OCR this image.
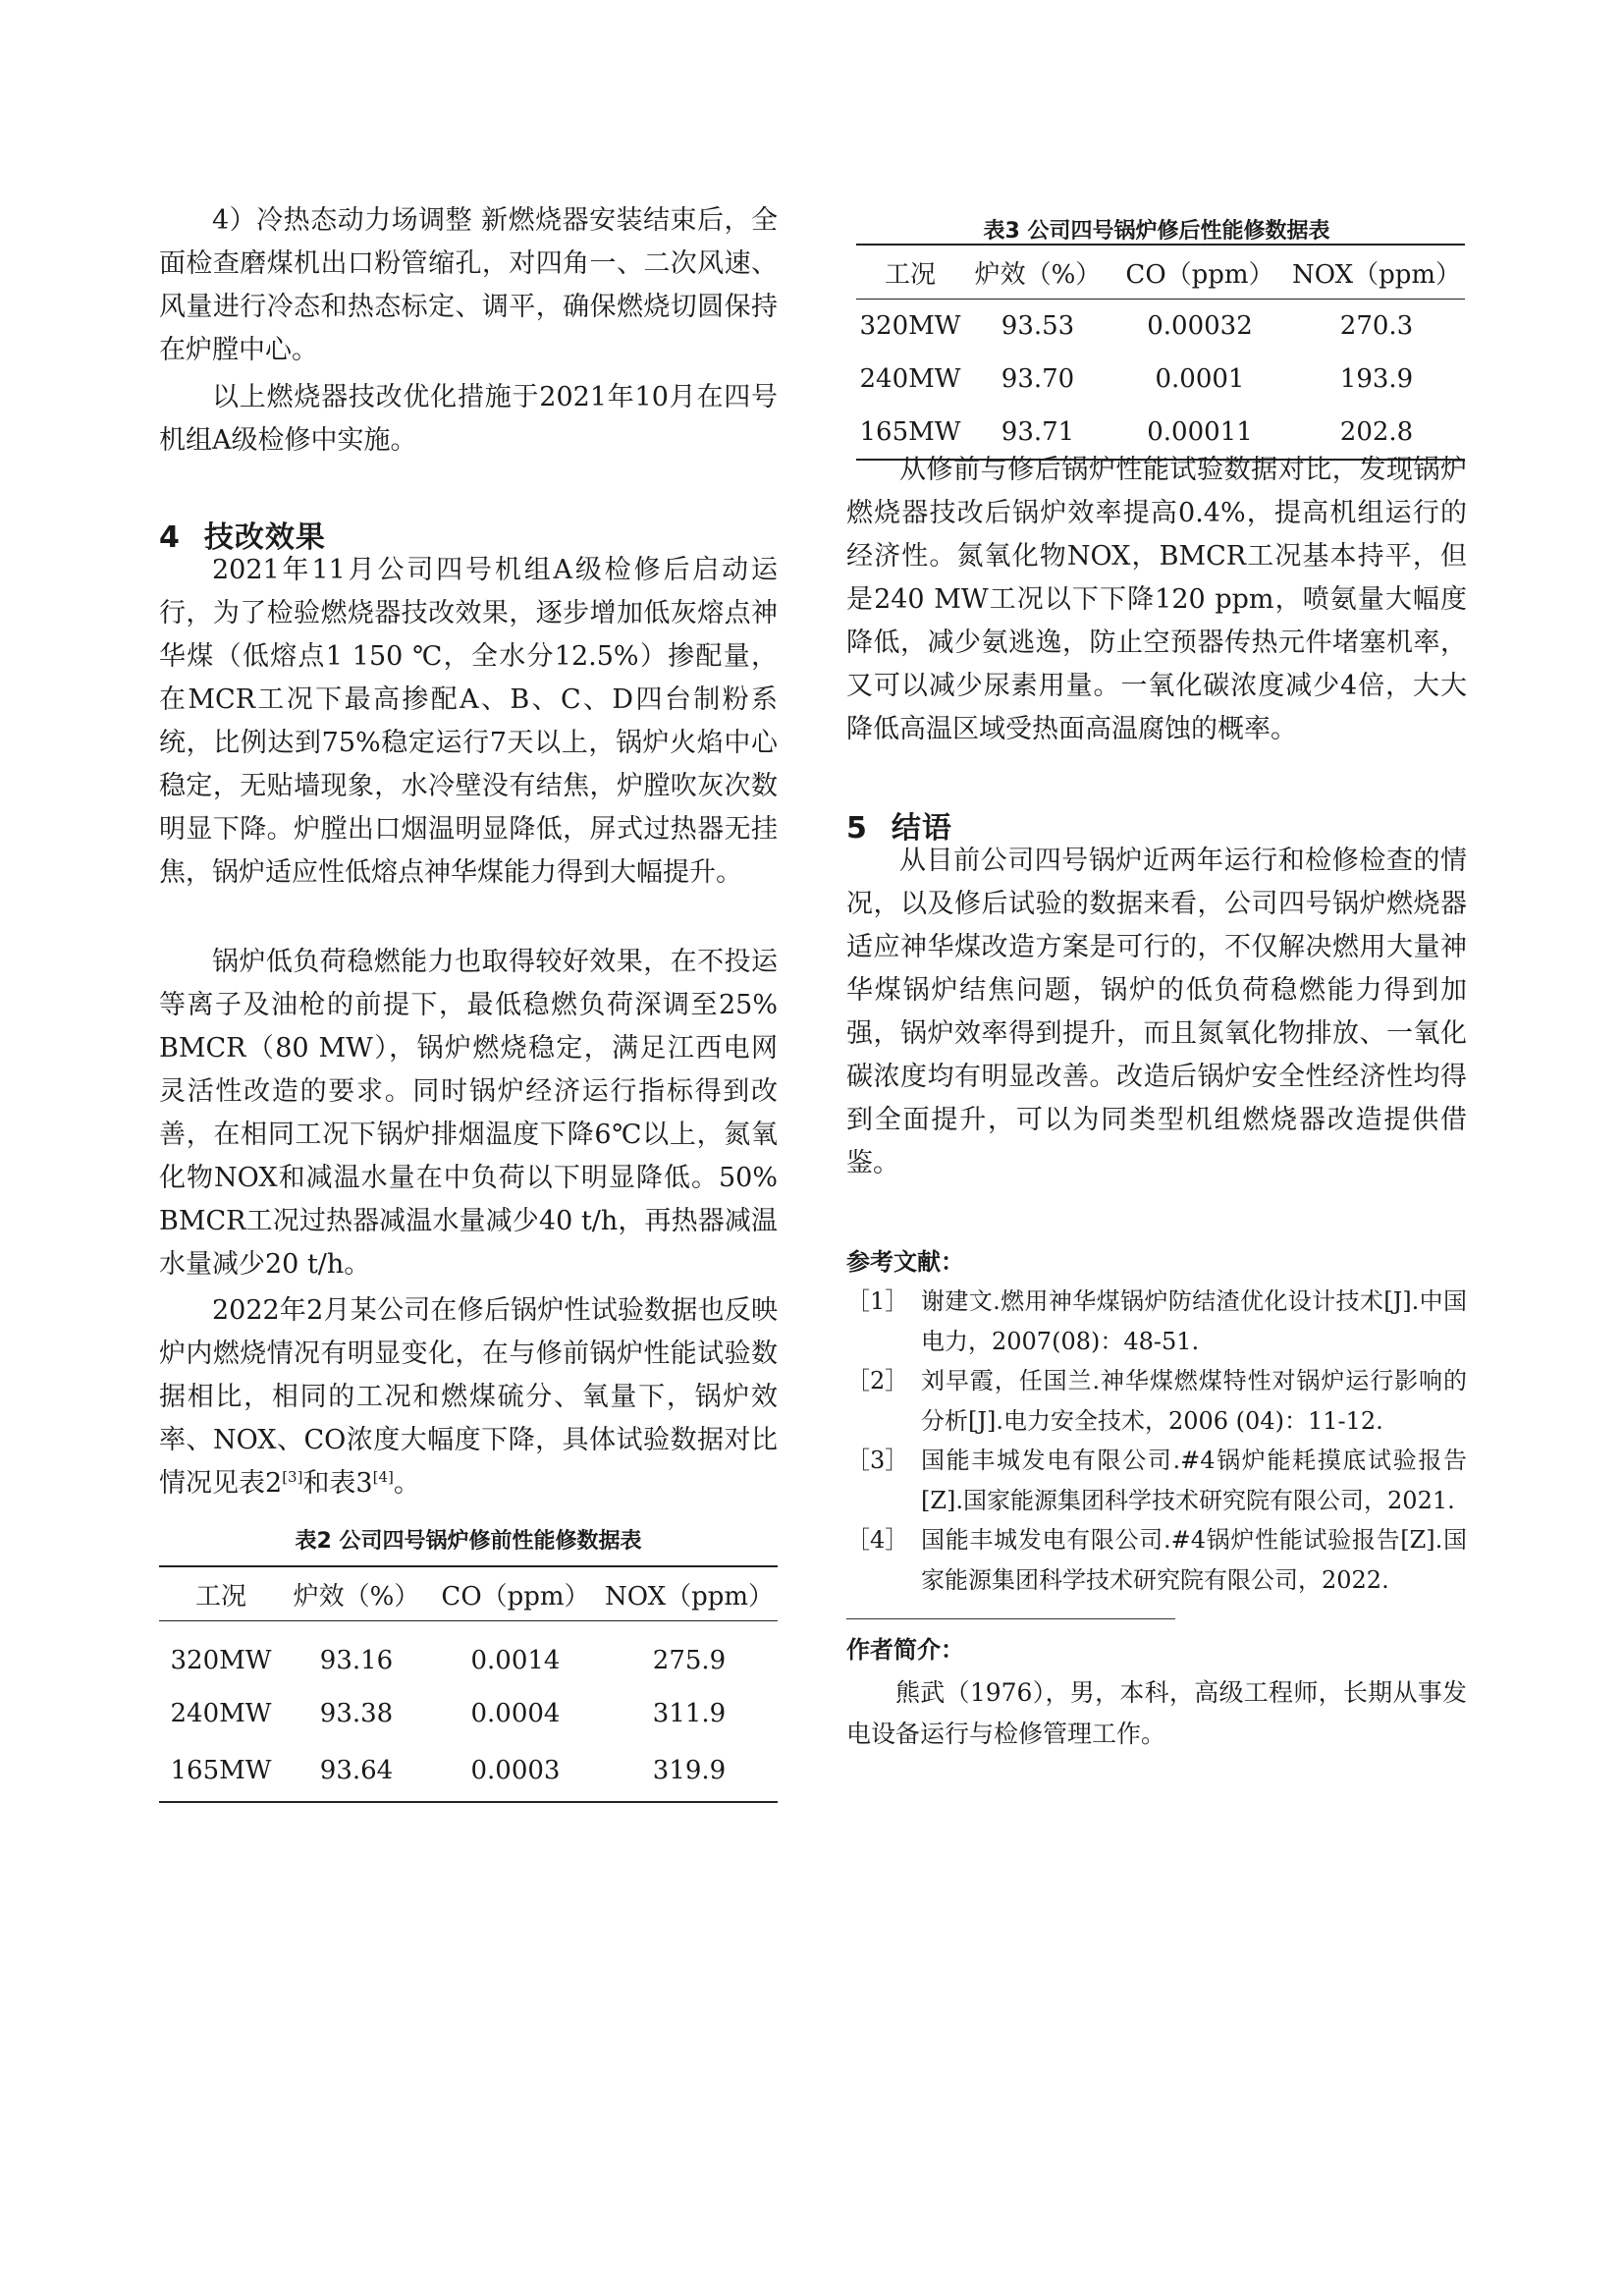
4）冷热态动力场调整 新燃烧器安装结束后，全面检查磨煤机出口粉管缩孔，对四角一、二次风速、风量进行冷态和热态标定、调平，确保燃烧切圆保持在炉膛中心。

以上燃烧器技改优化措施于2021年10月在四号机组A级检修中实施。

4 技改效果

2021年11月公司四号机组A级检修后启动运行，为了检验燃烧器技改效果，逐步增加低灰熔点神华煤（低熔点1 150 ℃，全水分12.5%）掺配量，在MCR工况下最高掺配A、B、C、D四台制粉系统，比例达到75%稳定运行7天以上，锅炉火焰中心稳定，无贴墙现象，水冷壁没有结焦，炉膛吹灰次数明显下降。炉膛出口烟温明显降低，屏式过热器无挂焦，锅炉适应性低熔点神华煤能力得到大幅提升。

锅炉低负荷稳燃能力也取得较好效果，在不投运等离子及油枪的前提下，最低稳燃负荷深调至25% BMCR（80 MW），锅炉燃烧稳定，满足江西电网灵活性改造的要求。同时锅炉经济运行指标得到改善，在相同工况下锅炉排烟温度下降6℃以上，氮氧化物NOX和减温水量在中负荷以下明显降低。50% BMCR工况过热器减温水量减少40 t/h，再热器减温水量减少20 t/h。

2022年2月某公司在修后锅炉性试验数据也反映炉内燃烧情况有明显变化，在与修前锅炉性能试验数据相比，相同的工况和燃煤硫分、氧量下，锅炉效率、NOX、CO浓度大幅度下降，具体试验数据对比情况见表2[3]和表3[4]。

表2 公司四号锅炉修前性能修数据表
工况	炉效（%）	CO（ppm）	NOX（ppm）
320MW	93.16	0.0014	275.9
240MW	93.38	0.0004	311.9
165MW	93.64	0.0003	319.9
表3 公司四号锅炉修后性能修数据表
工况	炉效（%）	CO（ppm）	NOX（ppm）
320MW	93.53	0.00032	270.3
240MW	93.70	0.0001	193.9
165MW	93.71	0.00011	202.8

从修前与修后锅炉性能试验数据对比，发现锅炉燃烧器技改后锅炉效率提高0.4%，提高机组运行的经济性。氮氧化物NOX，BMCR工况基本持平，但是240 MW工况以下下降120 ppm，喷氨量大幅度降低，减少氨逃逸，防止空预器传热元件堵塞机率，又可以减少尿素用量。一氧化碳浓度减少4倍，大大降低高温区域受热面高温腐蚀的概率。

5 结语

从目前公司四号锅炉近两年运行和检修检查的情况，以及修后试验的数据来看，公司四号锅炉燃烧器适应神华煤改造方案是可行的，不仅解决燃用大量神华煤锅炉结焦问题，锅炉的低负荷稳燃能力得到加强，锅炉效率得到提升，而且氮氧化物排放、一氧化碳浓度均有明显改善。改造后锅炉安全性经济性均得到全面提升，可以为同类型机组燃烧器改造提供借鉴。

参考文献：
［1］ 谢建文.燃用神华煤锅炉防结渣优化设计技术[J].中国电力，2007(08)：48-51.
［2］ 刘早霞，任国兰.神华煤燃煤特性对锅炉运行影响的分析[J].电力安全技术，2006 (04)：11-12.
［3］ 国能丰城发电有限公司.#4锅炉能耗摸底试验报告[Z].国家能源集团科学技术研究院有限公司，2021.
［4］ 国能丰城发电有限公司.#4锅炉性能试验报告[Z].国家能源集团科学技术研究院有限公司，2022.
作者简介：

熊武（1976），男，本科，高级工程师，长期从事发电设备运行与检修管理工作。
